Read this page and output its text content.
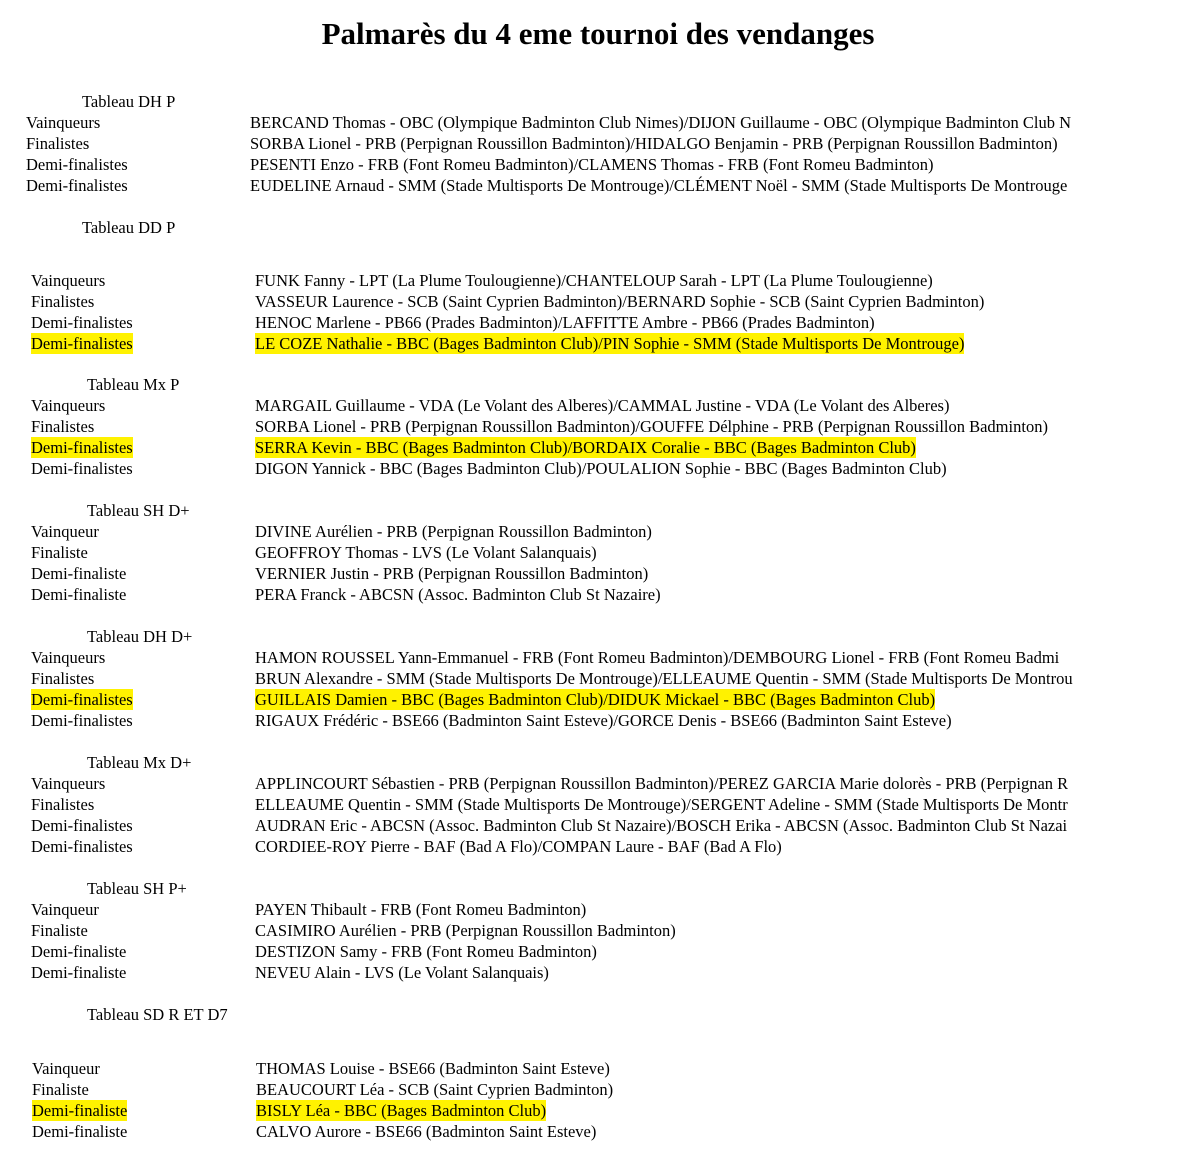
Palmarès du 4 eme tournoi des vendanges
Tableau DH P
Vainqueurs	BERCAND Thomas - OBC (Olympique Badminton Club Nimes)/DIJON Guillaume - OBC (Olympique Badminton Club N
Finalistes	SORBA Lionel - PRB (Perpignan Roussillon Badminton)/HIDALGO Benjamin - PRB (Perpignan Roussillon Badminton)
Demi-finalistes	PESENTI Enzo - FRB (Font Romeu Badminton)/CLAMENS Thomas - FRB (Font Romeu Badminton)
Demi-finalistes	EUDELINE Arnaud - SMM (Stade Multisports De Montrouge)/CLÉMENT Noël - SMM (Stade Multisports De Montrouge
Tableau DD P
Vainqueurs	FUNK Fanny - LPT (La Plume Toulougienne)/CHANTELOUP Sarah - LPT (La Plume Toulougienne)
Finalistes	VASSEUR Laurence - SCB (Saint Cyprien Badminton)/BERNARD Sophie - SCB (Saint Cyprien Badminton)
Demi-finalistes	HENOC Marlene - PB66 (Prades Badminton)/LAFFITTE Ambre - PB66 (Prades Badminton)
Demi-finalistes	LE COZE Nathalie - BBC (Bages Badminton Club)/PIN Sophie - SMM (Stade Multisports De Montrouge)
Tableau Mx P
Vainqueurs	MARGAIL Guillaume - VDA (Le Volant des Alberes)/CAMMAL Justine - VDA (Le Volant des Alberes)
Finalistes	SORBA Lionel - PRB (Perpignan Roussillon Badminton)/GOUFFE Délphine - PRB (Perpignan Roussillon Badminton)
Demi-finalistes	SERRA Kevin - BBC (Bages Badminton Club)/BORDAIX Coralie - BBC (Bages Badminton Club)
Demi-finalistes	DIGON Yannick - BBC (Bages Badminton Club)/POULALION Sophie - BBC (Bages Badminton Club)
Tableau SH D+
Vainqueur	DIVINE Aurélien - PRB (Perpignan Roussillon Badminton)
Finaliste	GEOFFROY Thomas - LVS (Le Volant Salanquais)
Demi-finaliste	VERNIER Justin - PRB (Perpignan Roussillon Badminton)
Demi-finaliste	PERA Franck - ABCSN (Assoc. Badminton Club St Nazaire)
Tableau DH D+
Vainqueurs	HAMON ROUSSEL Yann-Emmanuel - FRB (Font Romeu Badminton)/DEMBOURG Lionel - FRB (Font Romeu Badmi
Finalistes	BRUN Alexandre - SMM (Stade Multisports De Montrouge)/ELLEAUME Quentin - SMM (Stade Multisports De Montrou
Demi-finalistes	GUILLAIS Damien - BBC (Bages Badminton Club)/DIDUK Mickael - BBC (Bages Badminton Club)
Demi-finalistes	RIGAUX Frédéric - BSE66 (Badminton Saint Esteve)/GORCE Denis - BSE66 (Badminton Saint Esteve)
Tableau Mx D+
Vainqueurs	APPLINCOURT Sébastien - PRB (Perpignan Roussillon Badminton)/PEREZ GARCIA Marie dolorès - PRB (Perpignan R
Finalistes	ELLEAUME Quentin - SMM (Stade Multisports De Montrouge)/SERGENT Adeline - SMM (Stade Multisports De Montr
Demi-finalistes	AUDRAN Eric - ABCSN (Assoc. Badminton Club St Nazaire)/BOSCH Erika - ABCSN (Assoc. Badminton Club St Nazai
Demi-finalistes	CORDIEE-ROY Pierre - BAF (Bad A Flo)/COMPAN Laure - BAF (Bad A Flo)
Tableau SH P+
Vainqueur	PAYEN Thibault - FRB (Font Romeu Badminton)
Finaliste	CASIMIRO Aurélien - PRB (Perpignan Roussillon Badminton)
Demi-finaliste	DESTIZON Samy - FRB (Font Romeu Badminton)
Demi-finaliste	NEVEU Alain - LVS (Le Volant Salanquais)
Tableau SD R ET D7
Vainqueur	THOMAS Louise - BSE66 (Badminton Saint Esteve)
Finaliste	BEAUCOURT Léa - SCB (Saint Cyprien Badminton)
Demi-finaliste	BISLY Léa - BBC (Bages Badminton Club)
Demi-finaliste	CALVO Aurore - BSE66 (Badminton Saint Esteve)
